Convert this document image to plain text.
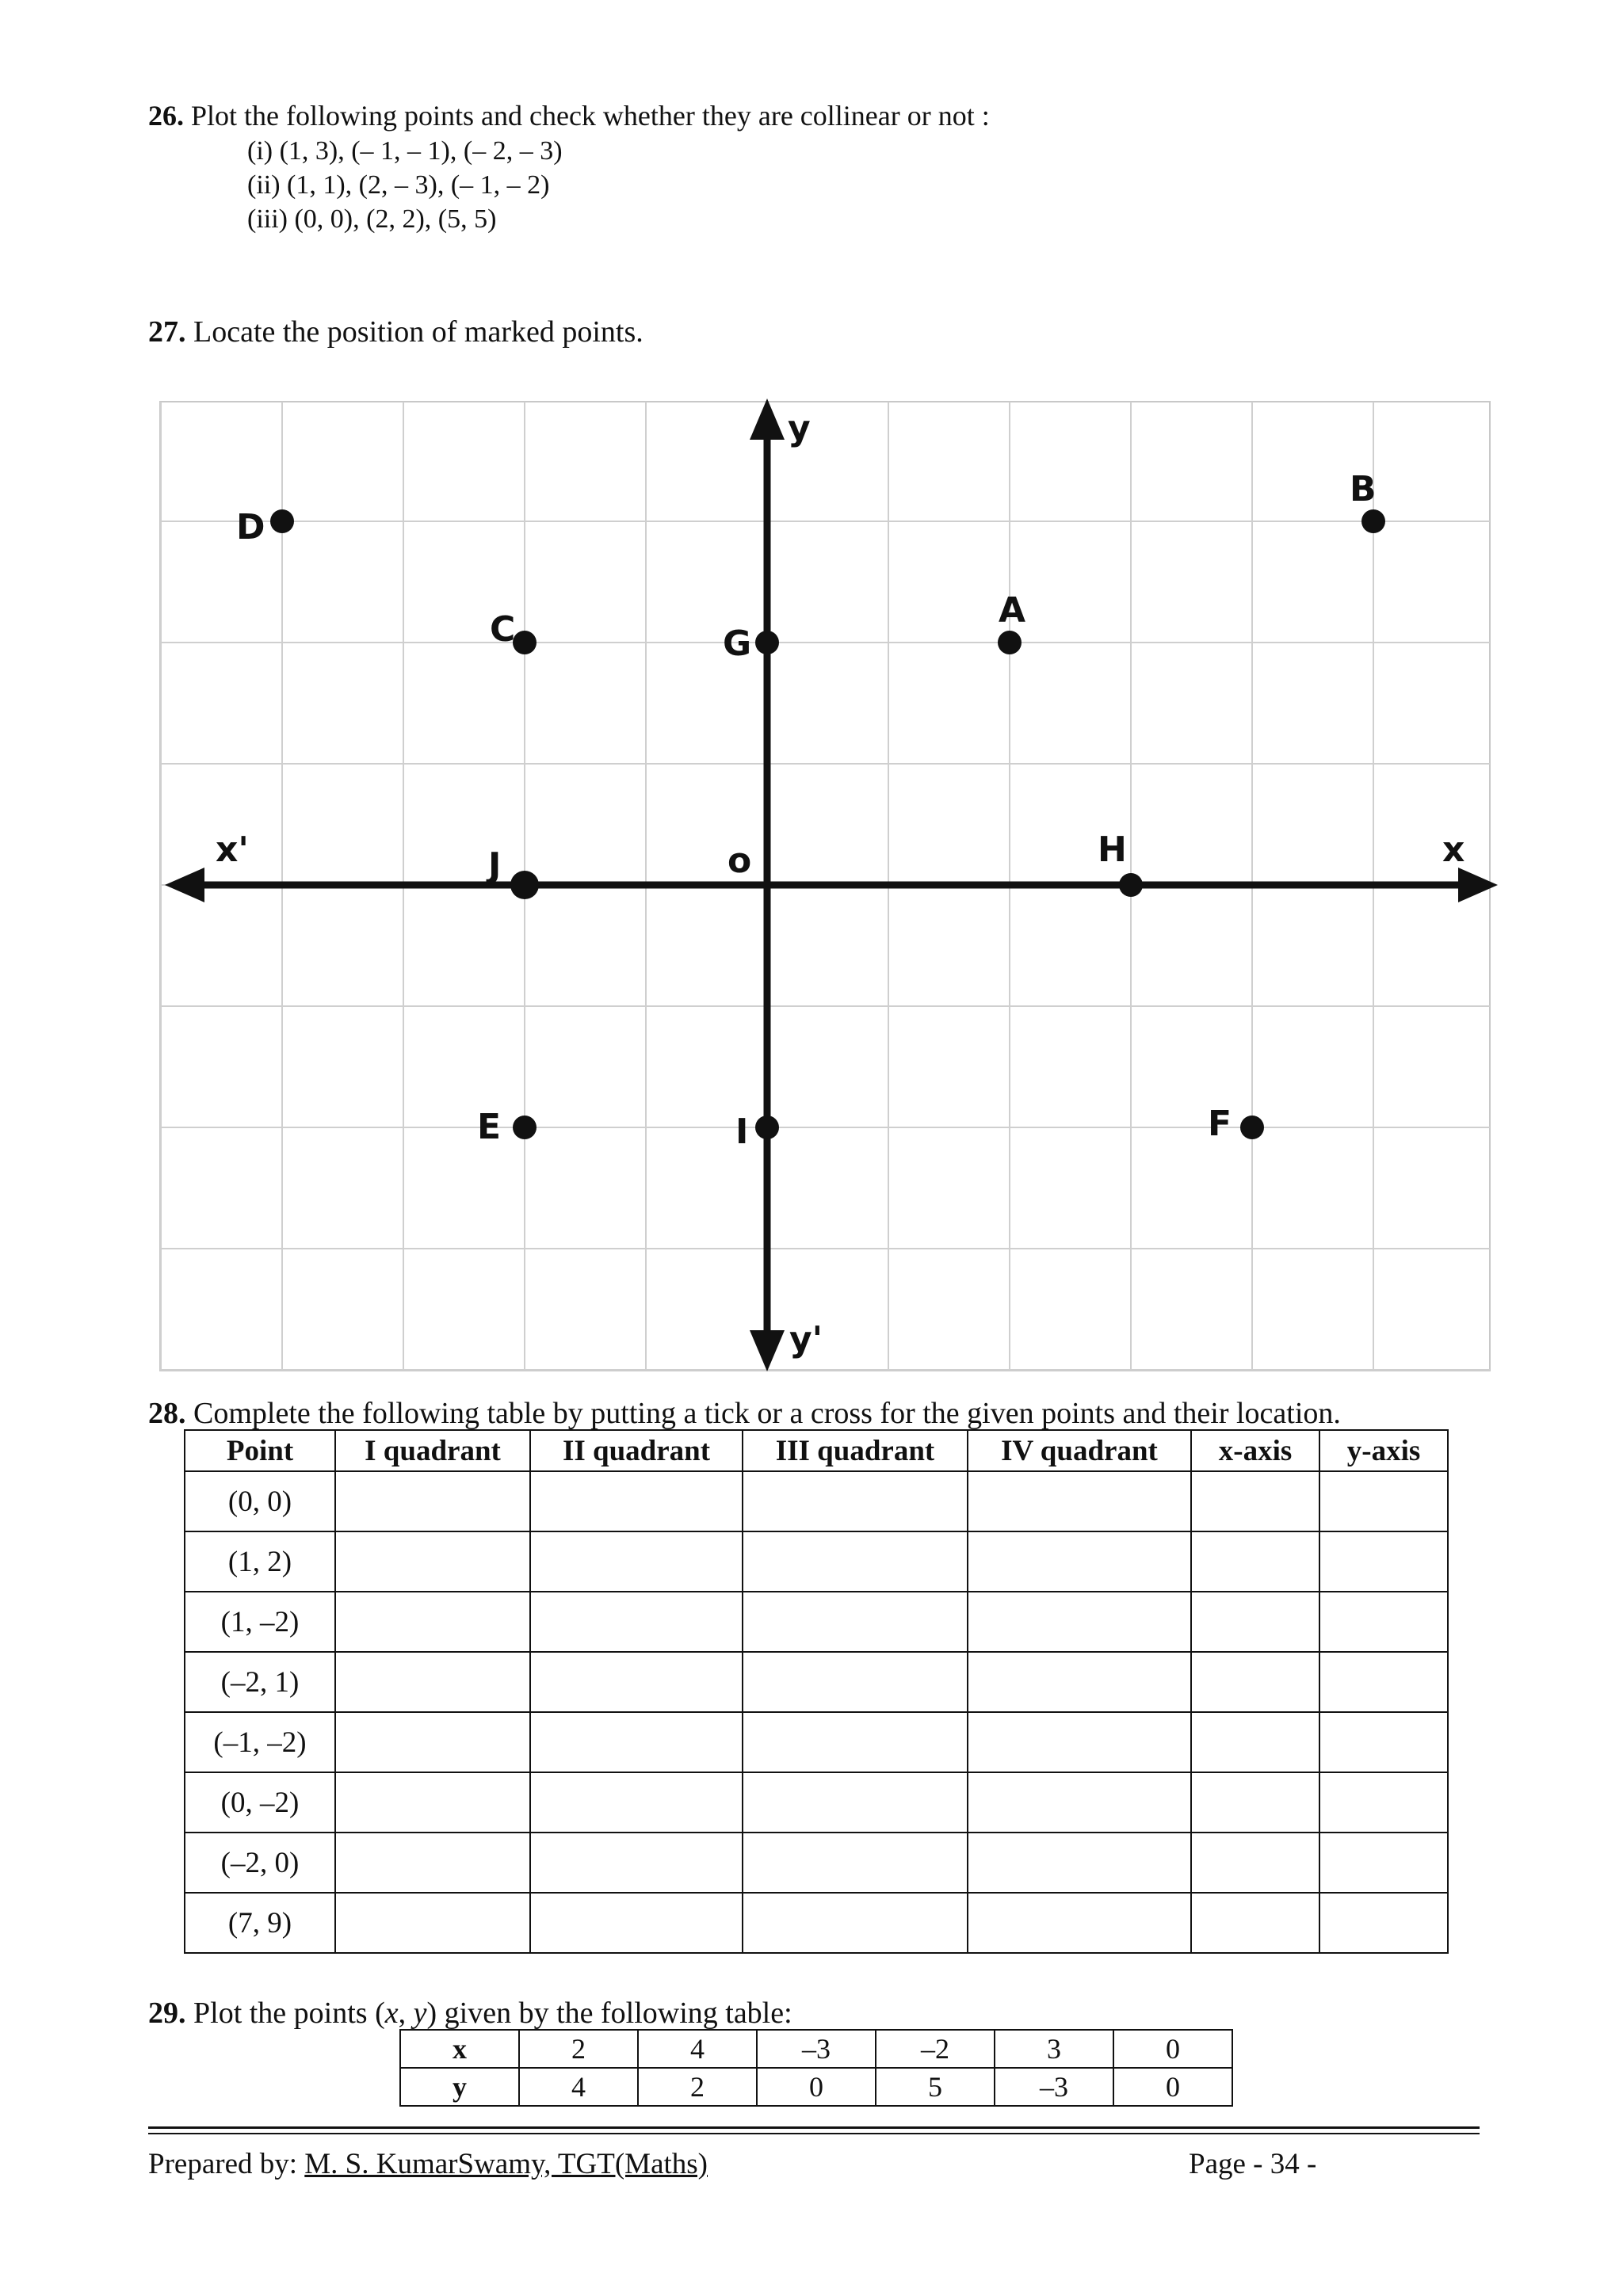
26. Plot the following points and check whether they are collinear or not :
(i) (1, 3), (– 1, – 1), (– 2, – 3)
(ii) (1, 1), (2, – 3), (– 1, – 2)
(iii) (0, 0), (2, 2), (5, 5)
27. Locate the position of marked points.
y
y'
x
x'	o
A
B
C
D
E	F
G
H
I
J
28. Complete the following table by putting a tick or a cross for the given points and their location.
Point	I quadrant	II quadrant	III quadrant	IV quadrant	x-axis	y-axis
(0, 0)						
(1, 2)						
(1, –2)						
(–2, 1)						
(–1, –2)						
(0, –2)						
(–2, 0)						
(7, 9)						
29. Plot the points (x, y) given by the following table:
x	2	4	–3	–2	3	0
y	4	2	0	5	–3	0
Prepared by: M. S. KumarSwamy, TGT(Maths)	Page - 34 -
